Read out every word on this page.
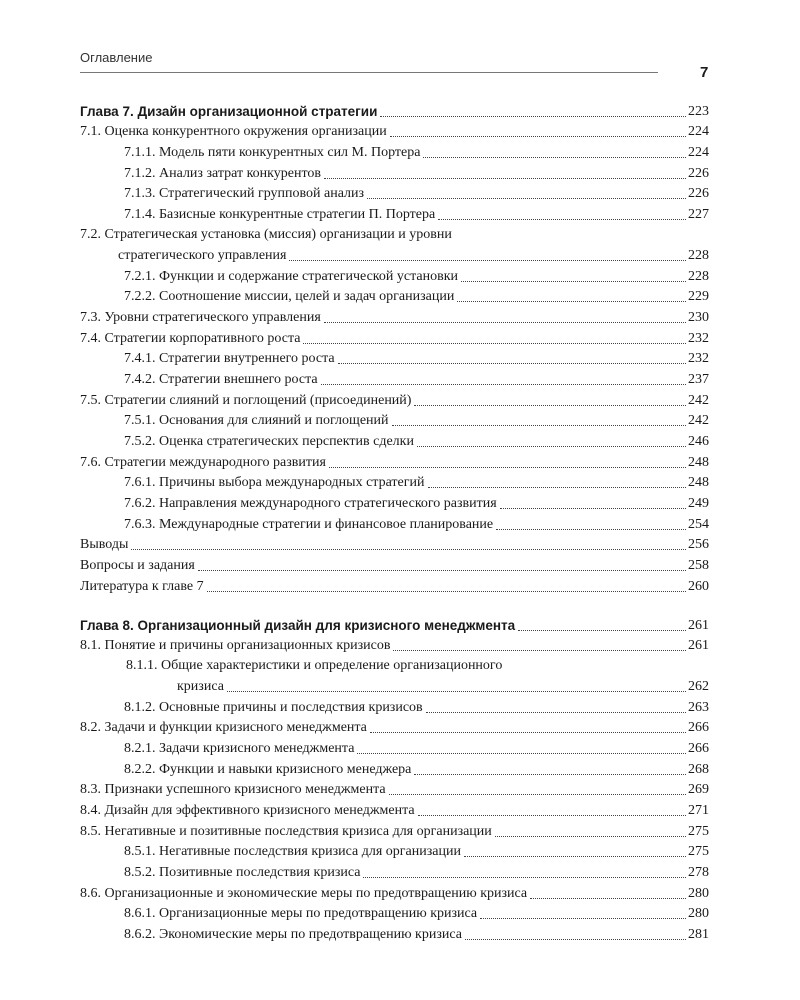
Оглавление
7
Глава 7. Дизайн организационной стратегии	223
7.1. Оценка конкурентного окружения организации	224
7.1.1. Модель пяти конкурентных сил М. Портера	224
7.1.2. Анализ затрат конкурентов	226
7.1.3. Стратегический групповой анализ	226
7.1.4. Базисные конкурентные стратегии П. Портера	227
7.2. Стратегическая установка (миссия) организации и уровни
стратегического управления	228
7.2.1. Функции и содержание стратегической установки	228
7.2.2. Соотношение миссии, целей и задач организации	229
7.3. Уровни стратегического управления	230
7.4. Стратегии корпоративного роста	232
7.4.1. Стратегии внутреннего роста	232
7.4.2. Стратегии внешнего роста	237
7.5. Стратегии слияний и поглощений (присоединений)	242
7.5.1. Основания для слияний и поглощений	242
7.5.2. Оценка стратегических перспектив сделки	246
7.6. Стратегии международного развития	248
7.6.1. Причины выбора международных стратегий	248
7.6.2. Направления международного стратегического развития	249
7.6.3. Международные стратегии и финансовое планирование	254
Выводы	256
Вопросы и задания	258
Литература к главе 7	260
Глава 8. Организационный дизайн для кризисного менеджмента	261
8.1. Понятие и причины организационных кризисов	261
8.1.1. Общие характеристики и определение организационного
кризиса	262
8.1.2. Основные причины и последствия кризисов	263
8.2. Задачи и функции кризисного менеджмента	266
8.2.1. Задачи кризисного менеджмента	266
8.2.2. Функции и навыки кризисного менеджера	268
8.3. Признаки успешного кризисного менеджмента	269
8.4. Дизайн для эффективного кризисного менеджмента	271
8.5. Негативные и позитивные последствия кризиса для организации	275
8.5.1. Негативные последствия кризиса для организации	275
8.5.2. Позитивные последствия кризиса	278
8.6. Организационные и экономические меры по предотвращению кризиса	280
8.6.1. Организационные меры по предотвращению кризиса	280
8.6.2. Экономические меры по предотвращению кризиса	281
